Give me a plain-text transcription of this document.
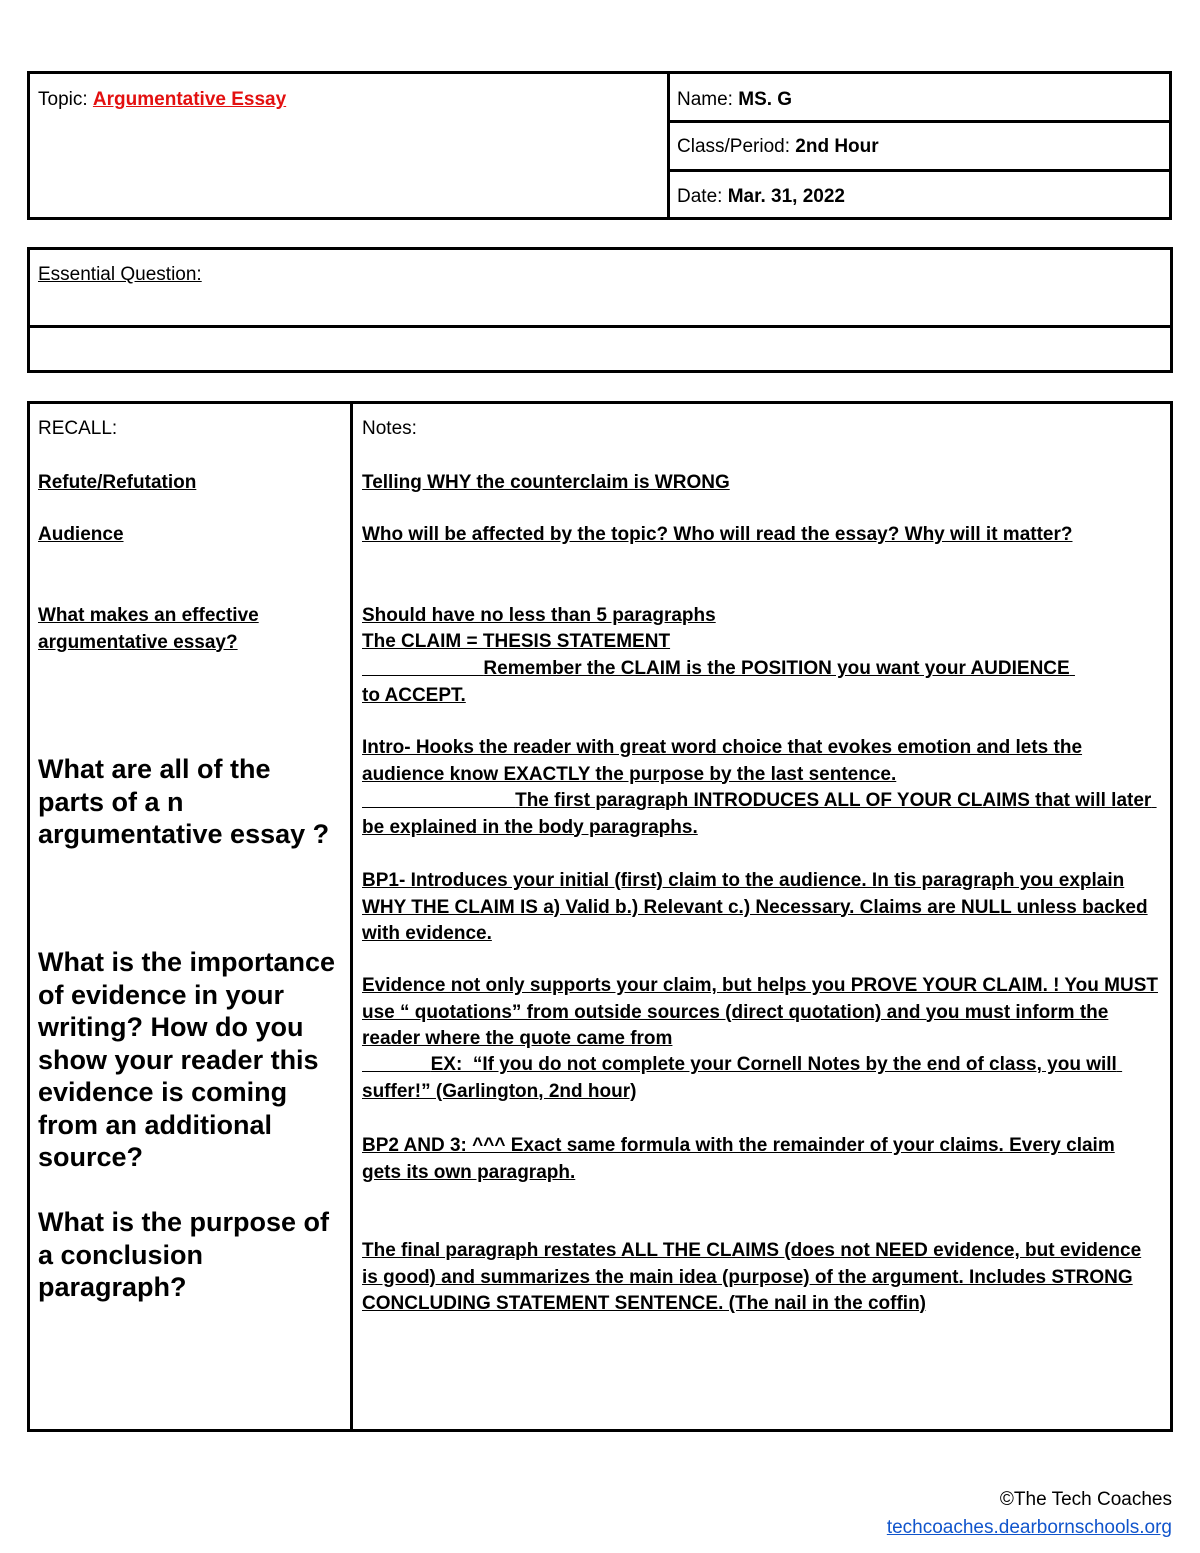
Topic: Argumentative Essay	Name: MS. G
Class/Period: 2nd Hour
Date: Mar. 31, 2022
Essential Question:
RECALL:
Refute/Refutation
Audience
What makes an effective argumentative essay?
What are all of the parts of a n argumentative essay ?
What is the importance of evidence in your writing? How do you show your reader this evidence is coming from an additional source?
What is the purpose of a conclusion paragraph?
Notes:
Telling WHY the counterclaim is WRONG
Who will be affected by the topic? Who will read the essay? Why will it matter?
Should have no less than 5 paragraphs
The CLAIM = THESIS STATEMENT
Remember the CLAIM is the POSITION you want your AUDIENCE to ACCEPT.
Intro- Hooks the reader with great word choice that evokes emotion and lets the audience know EXACTLY the purpose by the last sentence.
The first paragraph INTRODUCES ALL OF YOUR CLAIMS that will later be explained in the body paragraphs.
BP1- Introduces your initial (first) claim to the audience. In tis paragraph you explain WHY THE CLAIM IS a) Valid b.) Relevant c.) Necessary. Claims are NULL unless backed with evidence.
Evidence not only supports your claim, but helps you PROVE YOUR CLAIM. ! You MUST use “ quotations” from outside sources (direct quotation) and you must inform the reader where the quote came from
EX:  “If you do not complete your Cornell Notes by the end of class, you will suffer!” (Garlington, 2nd hour)
BP2 AND 3: ^^^ Exact same formula with the remainder of your claims. Every claim gets its own paragraph.
The final paragraph restates ALL THE CLAIMS (does not NEED evidence, but evidence is good) and summarizes the main idea (purpose) of the argument. Includes STRONG CONCLUDING STATEMENT SENTENCE. (The nail in the coffin)
©The Tech Coaches
techcoaches.dearbornschools.org
